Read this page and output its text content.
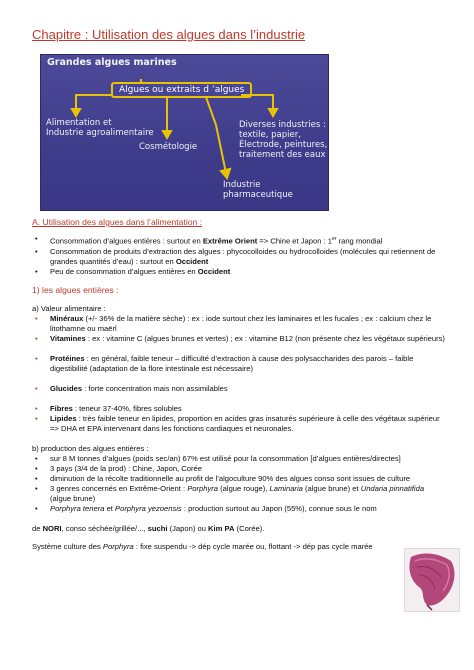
Chapitre : Utilisation des algues dans l’industrie
Grandes algues marines
Algues ou extraits d ’algues
Alimentation et
Industrie agroalimentaire
Cosmétologie
Diverses industries :
textile, papier,
Électrode, peintures,
traitement des eaux
Industrie
pharmaceutique

A. Utilisation des algues dans l’alimentation :

• Consommation d’algues entières : surtout en Extrême Orient => Chine et Japon : 1er rang mondial
• Consommation de produits d’extraction des algues : phycocolloides ou hydrocolloides (molécules qui retiennent de grandes quantités d’eau) : surtout en Occident
• Peu de consommation d’algues entières en Occident

1) les algues entières :

a) Valeur alimentaire :

• Minéraux (+/- 36% de la matière sèche) : ex : iode surtout chez les laminaires et les fucales ; ex : calcium chez le litothamne ou maërl
• Vitamines : ex : vitamine C (algues brunes et vertes) ; ex : vitamine B12 (non présente chez les végétaux supérieurs)
• Protéines : en général, faible teneur – difficulté d’extraction à cause des polysaccharides des parois – faible digestibilité (adaptation de la flore intestinale est nécessaire)
• Glucides : forte concentration mais non assimilables
• Fibres : teneur 37-40%, fibres solubles
• Lipides : très faible teneur en lipides, proportion en acides gras insaturés supérieure à celle des végétaux supérieur => DHA et EPA intervenant dans les fonctions cardiaques et neuronales.

b) production des algues entières :

• sur 8 M tonnes d’algues (poids sec/an) 67% est utilisé pour la consommation [d’algues entières/directes]
• 3 pays (3/4 de la prod) : Chine, Japon, Corée
• diminution de la récolte traditionnelle au profit de l’algoculture 90% des algues conso sont issues de culture
• 3 genres concernés en Extrême-Orient : Porphyra (algue rouge), Laminaria (algue brune) et Undaria pinnatifida (algue brune)
• Porphyra tenera et Porphyra yezoensis : production surtout au Japon (55%), connue sous le nom

de NORI, conso séchée/grillée/..., suchi (Japon) ou Kim PA (Corée).

Système culture des Porphyra : fixe suspendu -> dép cycle marée ou, flottant -> dép pas cycle marée
